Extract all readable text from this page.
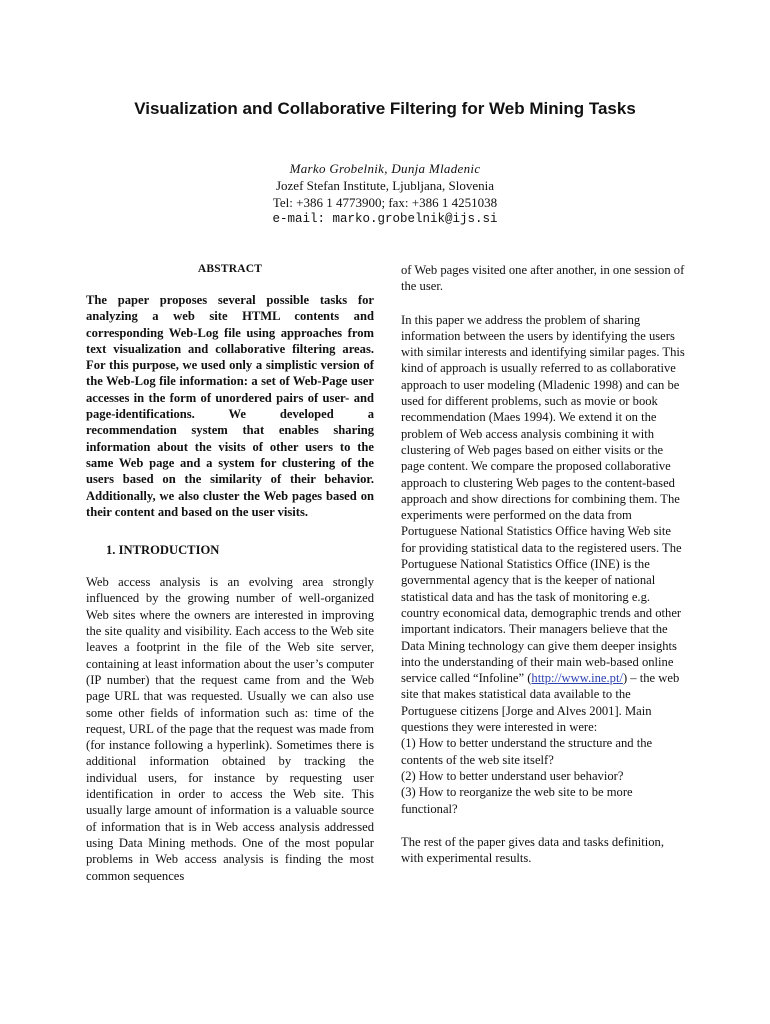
Visualization and Collaborative Filtering for Web Mining Tasks
Marko Grobelnik, Dunja Mladenic
Jozef Stefan Institute, Ljubljana, Slovenia
Tel: +386 1 4773900; fax: +386 1 4251038
e-mail: marko.grobelnik@ijs.si
ABSTRACT

The paper proposes several possible tasks for analyzing a web site HTML contents and corresponding Web-Log file using approaches from text visualization and collaborative filtering areas. For this purpose, we used only a simplistic version of the Web-Log file information: a set of Web-Page user accesses in the form of unordered pairs of user- and page-identifications. We developed a recommendation system that enables sharing information about the visits of other users to the same Web page and a system for clustering of the users based on the similarity of their behavior. Additionally, we also cluster the Web pages based on their content and based on the user visits.

1. INTRODUCTION

Web access analysis is an evolving area strongly influenced by the growing number of well-organized Web sites where the owners are interested in improving the site quality and visibility. Each access to the Web site leaves a footprint in the file of the Web site server, containing at least information about the user’s computer (IP number) that the request came from and the Web page URL that was requested. Usually we can also use some other fields of information such as: time of the request, URL of the page that the request was made from (for instance following a hyperlink). Sometimes there is additional information obtained by tracking the individual users, for instance by requesting user identification in order to access the Web site. This usually large amount of information is a valuable source of information that is in Web access analysis addressed using Data Mining methods. One of the most popular problems in Web access analysis is finding the most common sequences

of Web pages visited one after another, in one session of the user.

In this paper we address the problem of sharing information between the users by identifying the users with similar interests and identifying similar pages. This kind of approach is usually referred to as collaborative approach to user modeling (Mladenic 1998) and can be used for different problems, such as movie or book recommendation (Maes 1994). We extend it on the problem of Web access analysis combining it with clustering of Web pages based on either visits or the page content. We compare the proposed collaborative approach to clustering Web pages to the content-based approach and show directions for combining them. The experiments were performed on the data from Portuguese National Statistics Office having Web site for providing statistical data to the registered users. The Portuguese National Statistics Office (INE) is the governmental agency that is the keeper of national statistical data and has the task of monitoring e.g. country economical data, demographic trends and other important indicators. Their managers believe that the Data Mining technology can give them deeper insights into the understanding of their main web-based online service called “Infoline” (http://www.ine.pt/) – the web site that makes statistical data available to the Portuguese citizens [Jorge and Alves 2001]. Main questions they were interested in were:

(1) How to better understand the structure and the contents of the web site itself?

(2) How to better understand user behavior?

(3) How to reorganize the web site to be more functional?

The rest of the paper gives data and tasks definition, with experimental results.
